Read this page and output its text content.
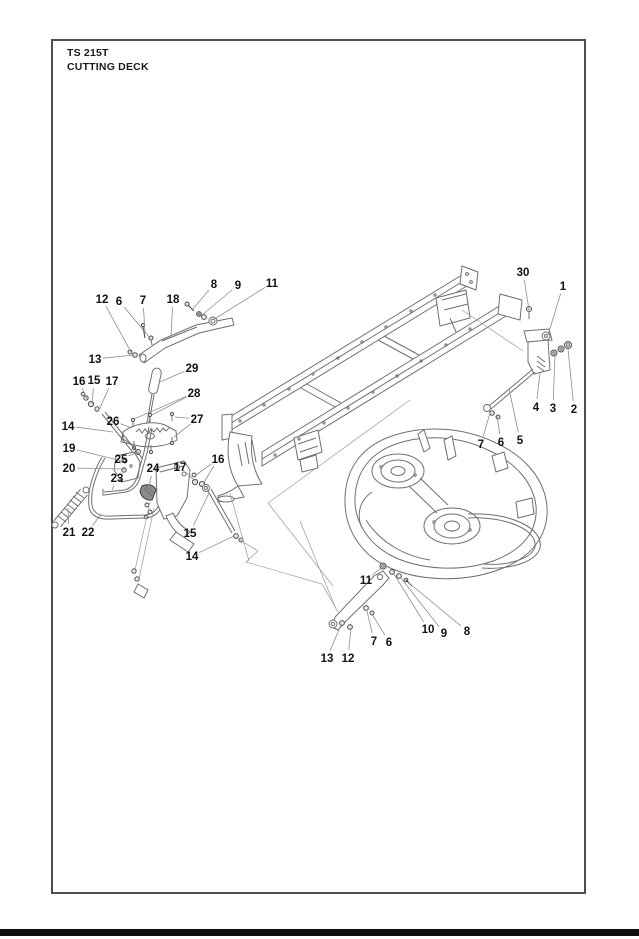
TS 215T
CUTTING DECK
12 6 7 18
8 9 11
13
29
28
27
26
16 15 17
14
19
20
25
23
24 17
16
21 22	15
14
30
1
4 3 2
7 6 5
11
10 9 8
7 6
13 12
